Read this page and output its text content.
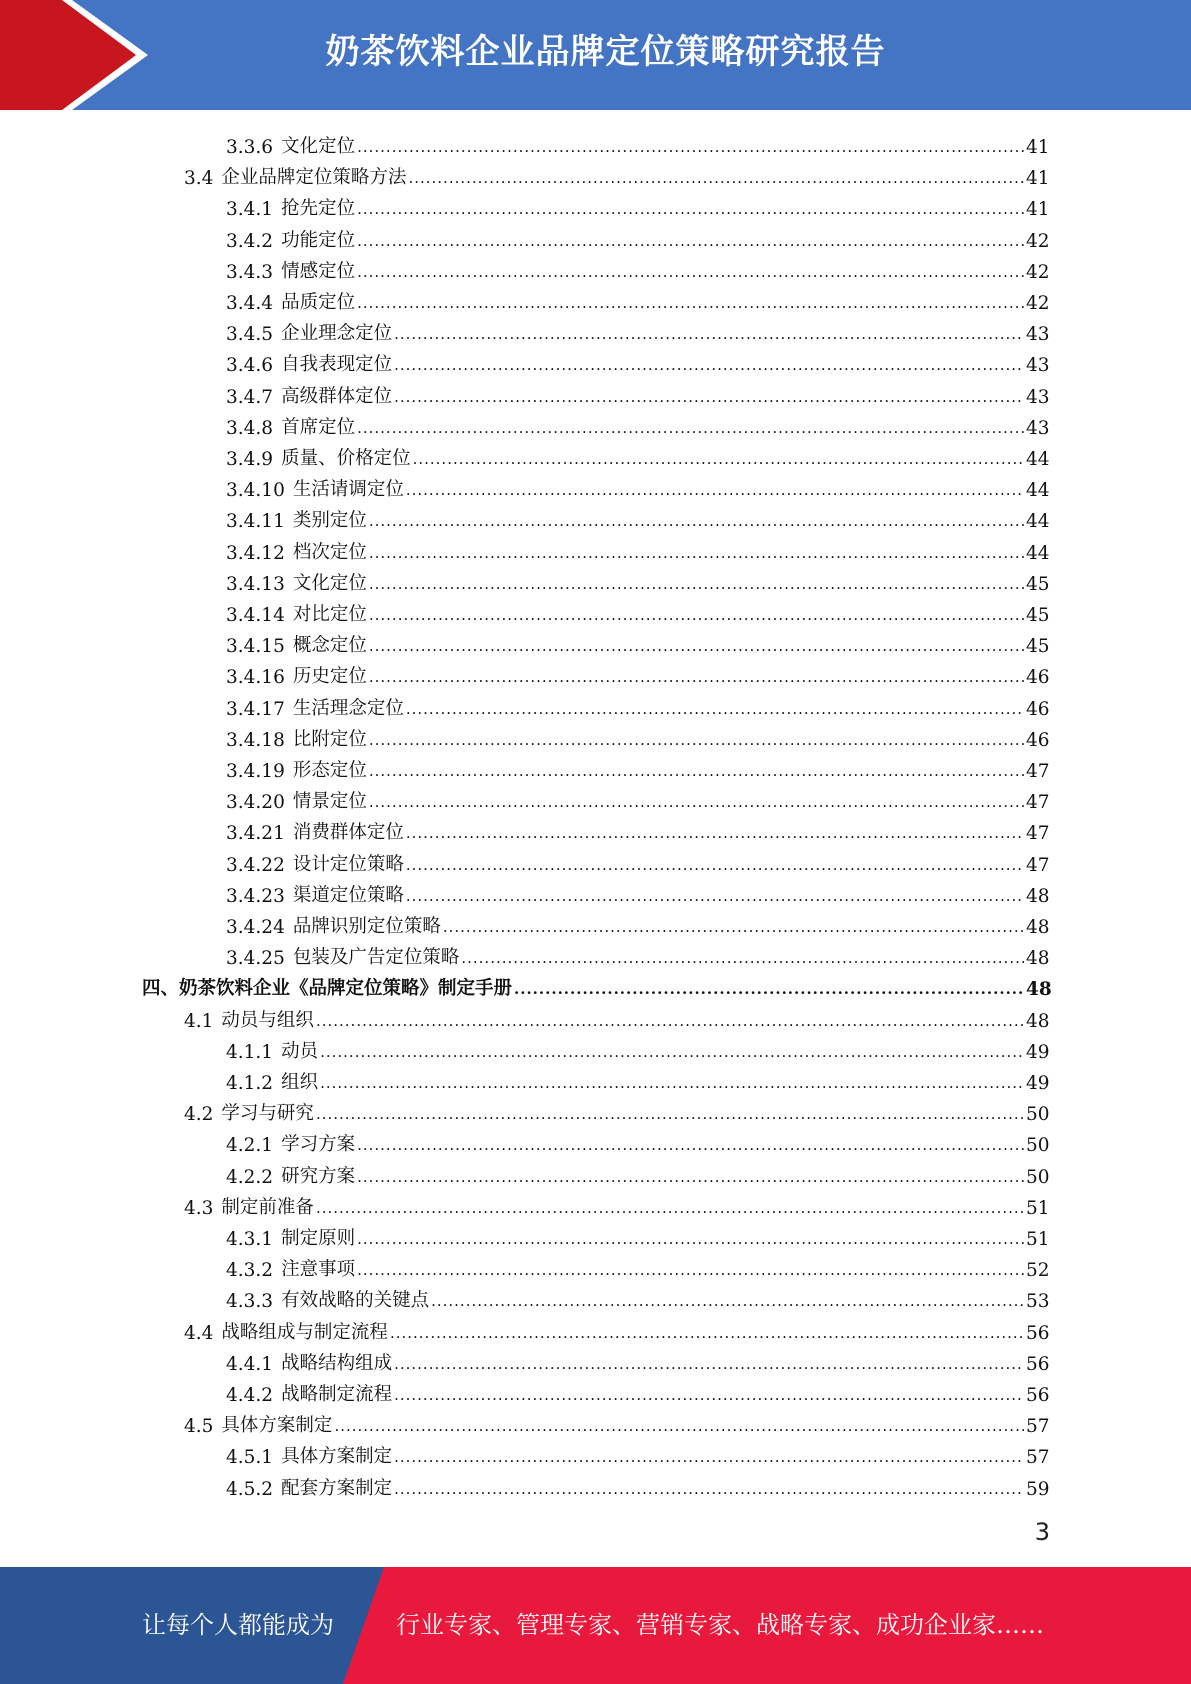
奶茶饮料企业品牌定位策略研究报告
3.3.6 文化定位 .....	41
3.4 企业品牌定位策略方法 .....	41
3.4.1 抢先定位 .....	41
3.4.2 功能定位 .....	42
3.4.3 情感定位 .....	42
3.4.4 品质定位 .....	42
3.4.5 企业理念定位 .....	43
3.4.6 自我表现定位 .....	43
3.4.7 高级群体定位 .....	43
3.4.8 首席定位 .....	43
3.4.9 质量、价格定位 .....	44
3.4.10 生活请调定位 .....	44
3.4.11 类别定位 .....	44
3.4.12 档次定位 .....	44
3.4.13 文化定位 .....	45
3.4.14 对比定位 .....	45
3.4.15 概念定位 .....	45
3.4.16 历史定位 .....	46
3.4.17 生活理念定位 .....	46
3.4.18 比附定位 .....	46
3.4.19 形态定位 .....	47
3.4.20 情景定位 .....	47
3.4.21 消费群体定位 .....	47
3.4.22 设计定位策略 .....	47
3.4.23 渠道定位策略 .....	48
3.4.24 品牌识别定位策略 .....	48
3.4.25 包装及广告定位策略 .....	48
四、奶茶饮料企业《品牌定位策略》制定手册 .....	48
4.1 动员与组织 .....	48
4.1.1 动员 .....	49
4.1.2 组织 .....	49
4.2 学习与研究 .....	50
4.2.1 学习方案 .....	50
4.2.2 研究方案 .....	50
4.3 制定前准备 .....	51
4.3.1 制定原则 .....	51
4.3.2 注意事项 .....	52
4.3.3 有效战略的关键点 .....	53
4.4 战略组成与制定流程 .....	56
4.4.1 战略结构组成 .....	56
4.4.2 战略制定流程 .....	56
4.5 具体方案制定 .....	57
4.5.1 具体方案制定 .....	57
4.5.2 配套方案制定 .....	59
3
让每个人都能成为	行业专家、管理专家、营销专家、战略专家、成功企业家……
